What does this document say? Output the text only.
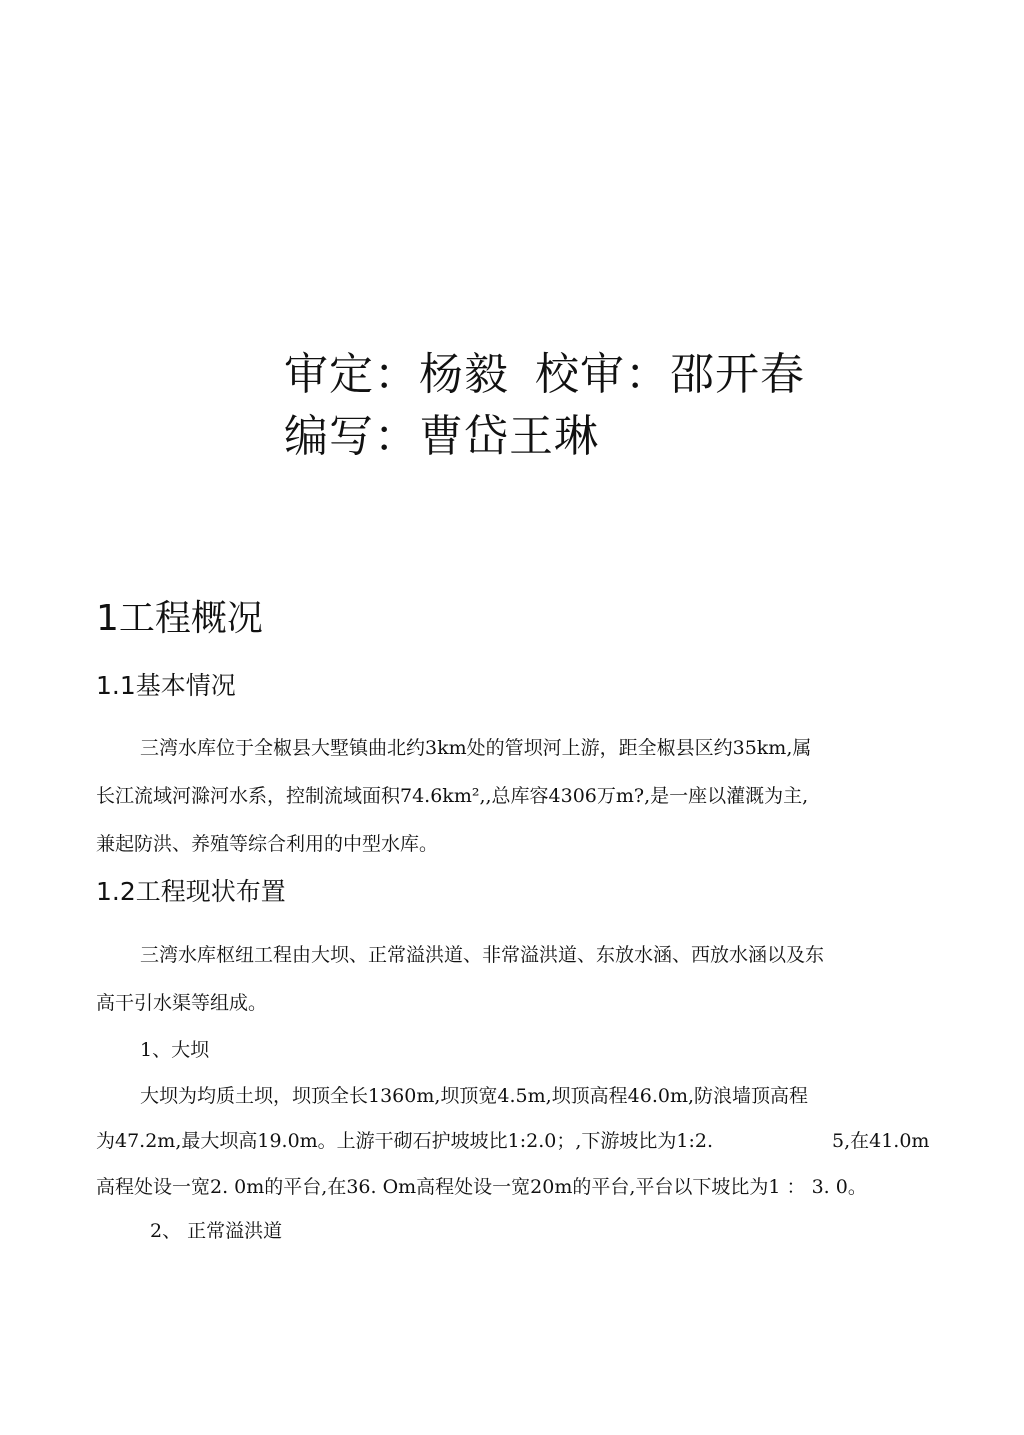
审定：杨毅 校审：邵开春
编写：曹岱王琳
1工程概况
1.1基本情况

三湾水库位于全椒县大墅镇曲北约3km处的管坝河上游，距全椒县区约35km,属

长江流域河滁河水系，控制流域面积74.6km²,,总库容4306万m?,是一座以灌溉为主,

兼起防洪、养殖等综合利用的中型水库。

1.2工程现状布置

三湾水库枢纽工程由大坝、正常溢洪道、非常溢洪道、东放水涵、西放水涵以及东

高干引水渠等组成。

1、大坝

大坝为均质土坝，坝顶全长1360m,坝顶宽4.5m,坝顶高程46.0m,防浪墙顶高程

为47.2m,最大坝高19.0m。上游干砌石护坡坡比1:2.0；,下游坡比为1:2.	5,在41.0m

高程处设一宽2. 0m的平台,在36. Om高程处设一宽20m的平台,平台以下坡比为1 ： 3. 0。

2、 正常溢洪道
